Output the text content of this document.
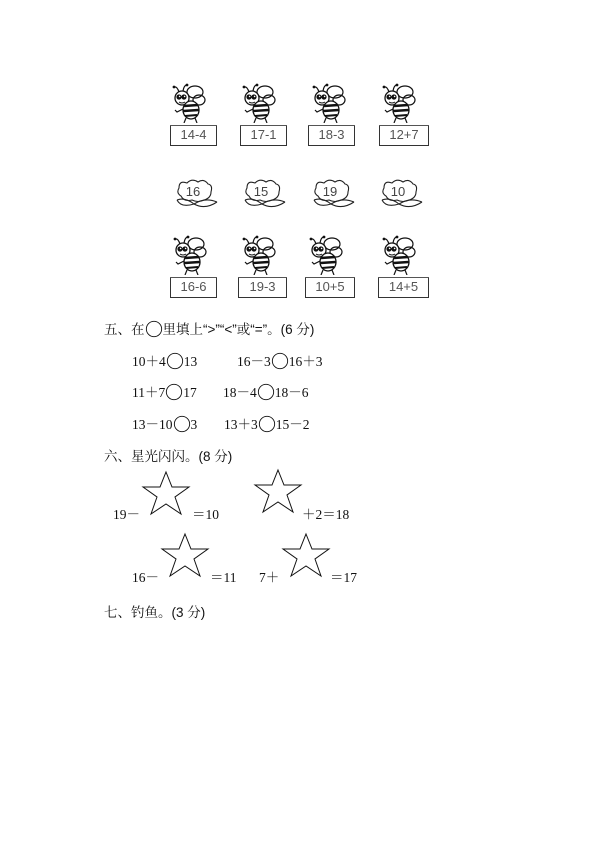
14-4	17-1	18-3	12+7
16	15	19	10
16-6	19-3	10+5	14+5
五、在 里填上“>”“<”或“=”。(6 分)
10＋4 13	16－3 16＋3
11＋7 17 18－4 18－6
13－10 3 13＋3 15－2
六、星光闪闪。(8 分)
19－	＝10	＋2＝18
16－	＝11 7＋	＝17
七、钓鱼。(3 分)
